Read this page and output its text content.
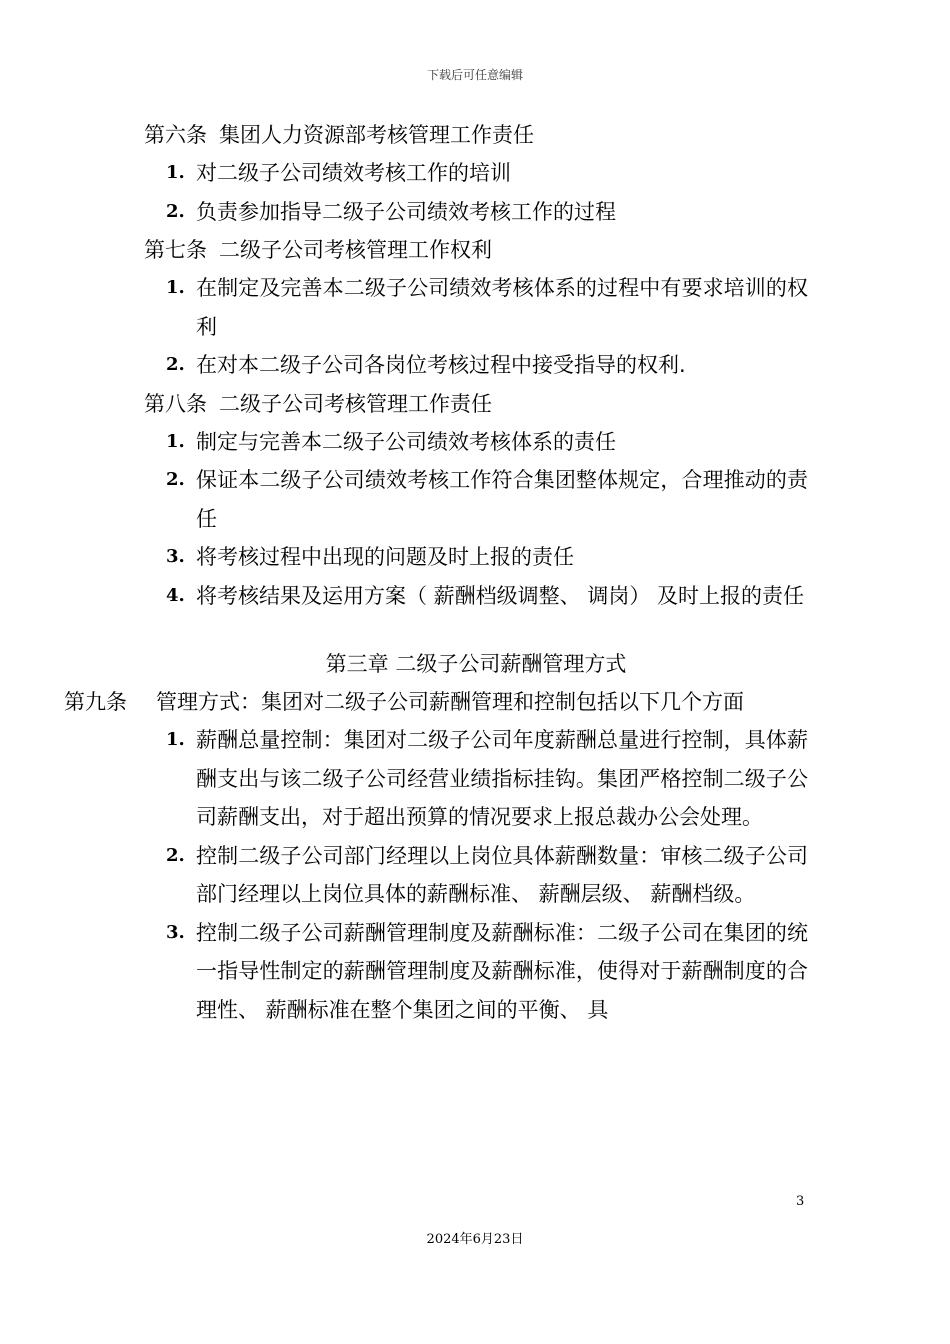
下载后可任意编辑

第六条 集团人力资源部考核管理工作责任

1. 对二级子公司绩效考核工作的培训
2. 负责参加指导二级子公司绩效考核工作的过程

第七条 二级子公司考核管理工作权利

1. 在制定及完善本二级子公司绩效考核体系的过程中有要求培训的权利
2. 在对本二级子公司各岗位考核过程中接受指导的权利.

第八条 二级子公司考核管理工作责任

1. 制定与完善本二级子公司绩效考核体系的责任
2. 保证本二级子公司绩效考核工作符合集团整体规定，合理推动的责任
3. 将考核过程中出现的问题及时上报的责任
4. 将考核结果及运用方案（ 薪酬档级调整、 调岗） 及时上报的责任

第三章 二级子公司薪酬管理方式

第九条 管理方式：集团对二级子公司薪酬管理和控制包括以下几个方面

1. 薪酬总量控制：集团对二级子公司年度薪酬总量进行控制，具体薪酬支出与该二级子公司经营业绩指标挂钩。集团严格控制二级子公司薪酬支出，对于超出预算的情况要求上报总裁办公会处理。
2. 控制二级子公司部门经理以上岗位具体薪酬数量：审核二级子公司部门经理以上岗位具体的薪酬标准、 薪酬层级、 薪酬档级。
3. 控制二级子公司薪酬管理制度及薪酬标准：二级子公司在集团的统一指导性制定的薪酬管理制度及薪酬标准，使得对于薪酬制度的合理性、 薪酬标准在整个集团之间的平衡、 具
3
2024年6月23日
